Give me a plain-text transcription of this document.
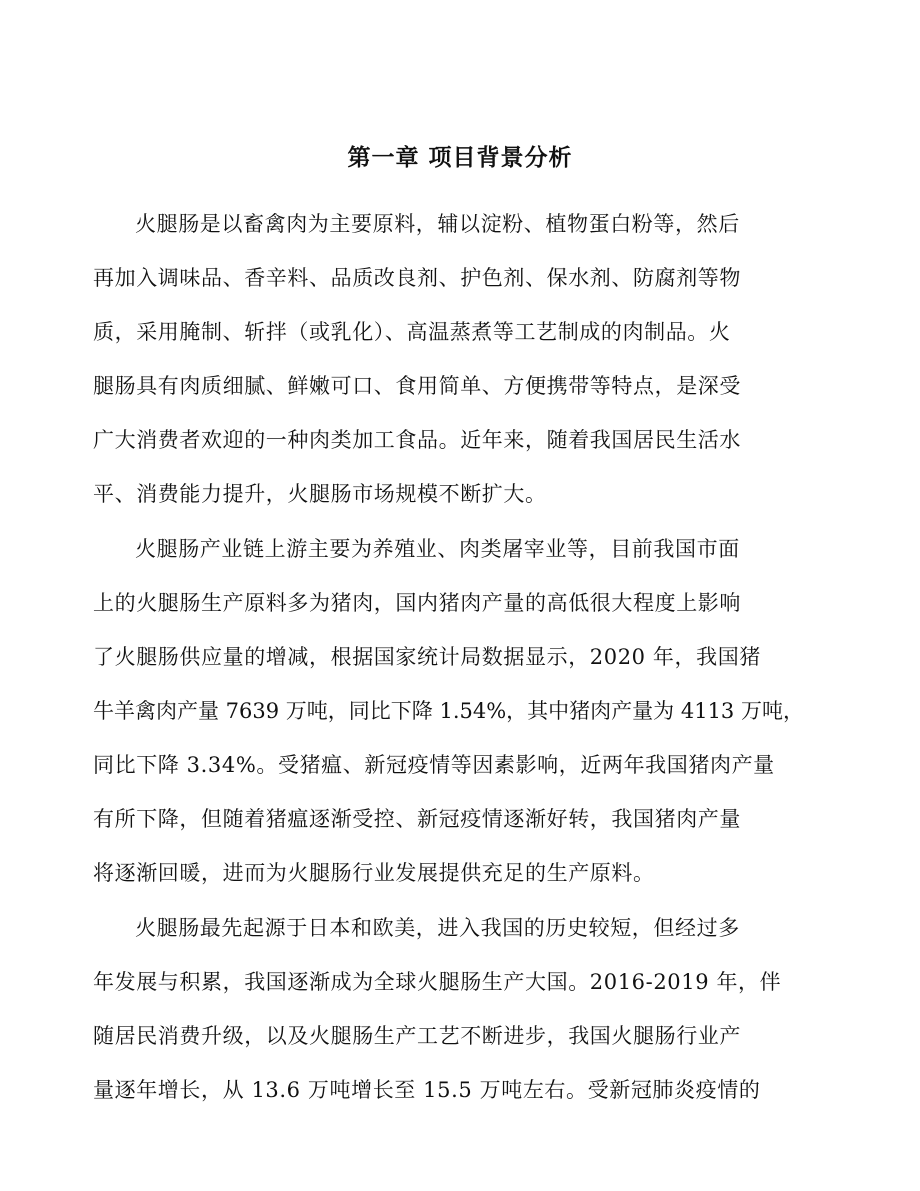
第一章 项目背景分析
火腿肠是以畜禽肉为主要原料，辅以淀粉、植物蛋白粉等，然后
再加入调味品、香辛料、品质改良剂、护色剂、保水剂、防腐剂等物
质，采用腌制、斩拌（或乳化）、高温蒸煮等工艺制成的肉制品。火
腿肠具有肉质细腻、鲜嫩可口、食用简单、方便携带等特点，是深受
广大消费者欢迎的一种肉类加工食品。近年来，随着我国居民生活水
平、消费能力提升，火腿肠市场规模不断扩大。
火腿肠产业链上游主要为养殖业、肉类屠宰业等，目前我国市面
上的火腿肠生产原料多为猪肉，国内猪肉产量的高低很大程度上影响
了火腿肠供应量的增减，根据国家统计局数据显示，2020 年，我国猪
牛羊禽肉产量 7639 万吨，同比下降 1.54%，其中猪肉产量为 4113 万吨，
同比下降 3.34%。受猪瘟、新冠疫情等因素影响，近两年我国猪肉产量
有所下降，但随着猪瘟逐渐受控、新冠疫情逐渐好转，我国猪肉产量
将逐渐回暖，进而为火腿肠行业发展提供充足的生产原料。
火腿肠最先起源于日本和欧美，进入我国的历史较短，但经过多
年发展与积累，我国逐渐成为全球火腿肠生产大国。2016-2019 年，伴
随居民消费升级，以及火腿肠生产工艺不断进步，我国火腿肠行业产
量逐年增长，从 13.6 万吨增长至 15.5 万吨左右。受新冠肺炎疫情的
